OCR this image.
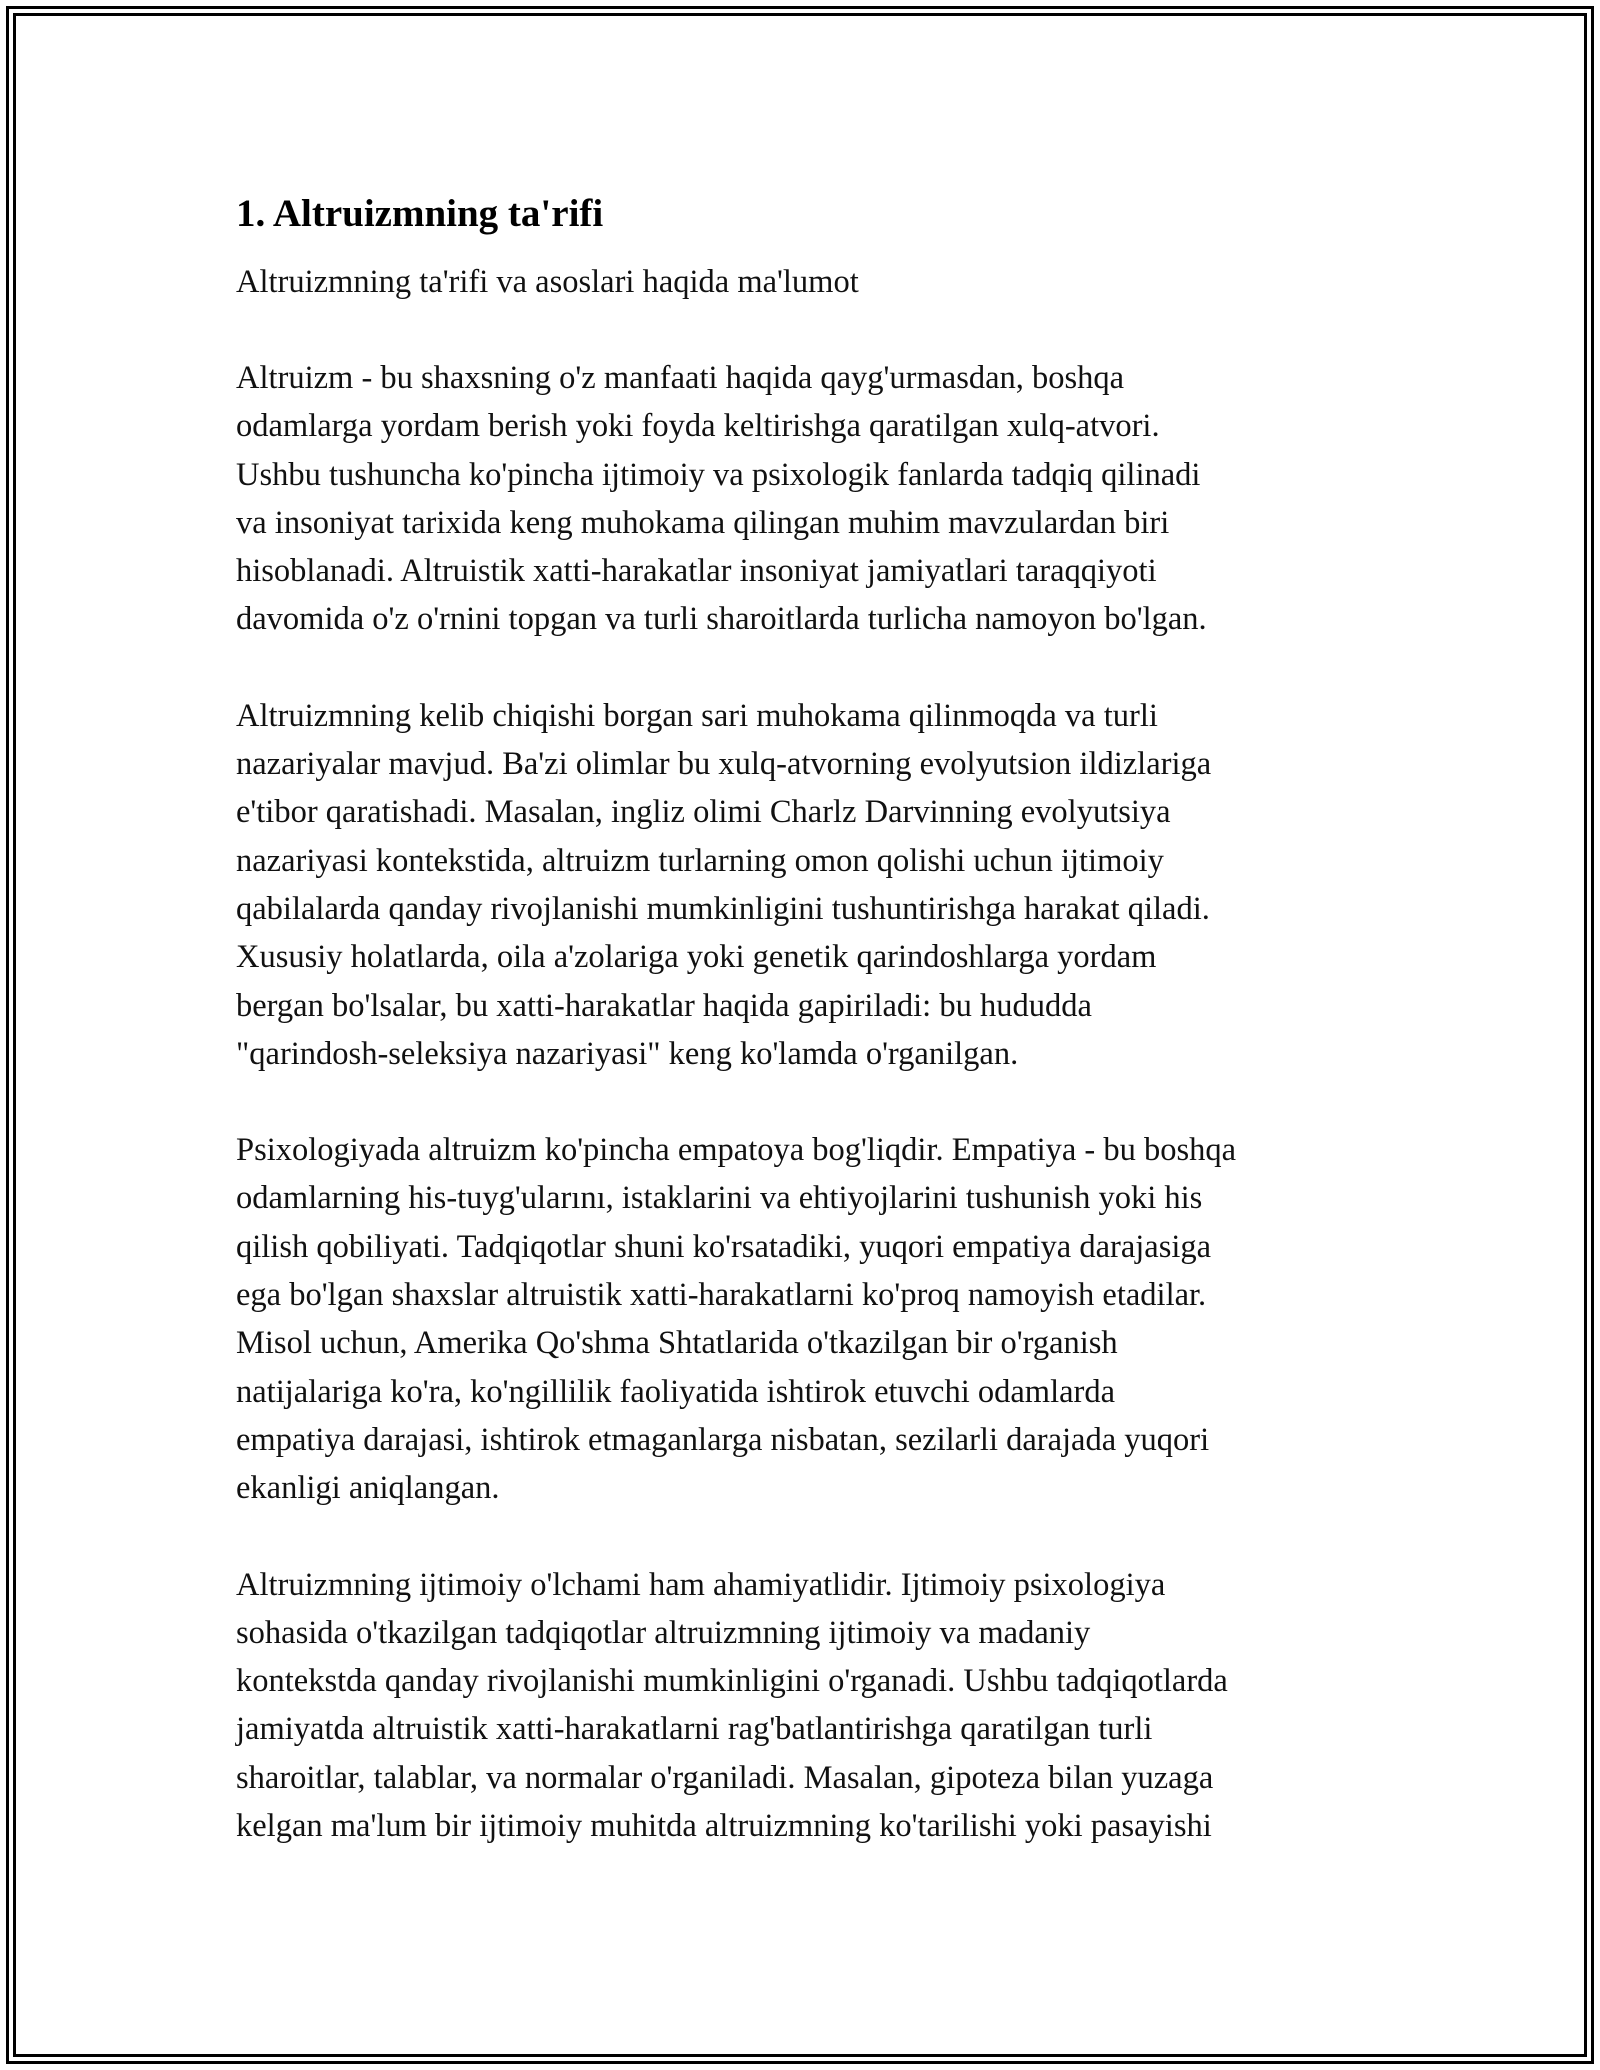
1. Altruizmning ta'rifi

Altruizmning ta'rifi va asoslari haqida ma'lumot

Altruizm - bu shaxsning o'z manfaati haqida qayg'urmasdan, boshqa
odamlarga yordam berish yoki foyda keltirishga qaratilgan xulq-atvori.
Ushbu tushuncha ko'pincha ijtimoiy va psixologik fanlarda tadqiq qilinadi
va insoniyat tarixida keng muhokama qilingan muhim mavzulardan biri
hisoblanadi. Altruistik xatti-harakatlar insoniyat jamiyatlari taraqqiyoti
davomida o'z o'rnini topgan va turli sharoitlarda turlicha namoyon bo'lgan.

Altruizmning kelib chiqishi borgan sari muhokama qilinmoqda va turli
nazariyalar mavjud. Ba'zi olimlar bu xulq-atvorning evolyutsion ildizlariga
e'tibor qaratishadi. Masalan, ingliz olimi Charlz Darvinning evolyutsiya
nazariyasi kontekstida, altruizm turlarning omon qolishi uchun ijtimoiy
qabilalarda qanday rivojlanishi mumkinligini tushuntirishga harakat qiladi.
Xususiy holatlarda, oila a'zolariga yoki genetik qarindoshlarga yordam
bergan bo'lsalar, bu xatti-harakatlar haqida gapiriladi: bu hududda
"qarindosh-seleksiya nazariyasi" keng ko'lamda o'rganilgan.

Psixologiyada altruizm ko'pincha empatoya bog'liqdir. Empatiya - bu boshqa
odamlarning his-tuyg'ularını, istaklarini va ehtiyojlarini tushunish yoki his
qilish qobiliyati. Tadqiqotlar shuni ko'rsatadiki, yuqori empatiya darajasiga
ega bo'lgan shaxslar altruistik xatti-harakatlarni ko'proq namoyish etadilar.
Misol uchun, Amerika Qo'shma Shtatlarida o'tkazilgan bir o'rganish
natijalariga ko'ra, ko'ngillilik faoliyatida ishtirok etuvchi odamlarda
empatiya darajasi, ishtirok etmaganlarga nisbatan, sezilarli darajada yuqori
ekanligi aniqlangan.

Altruizmning ijtimoiy o'lchami ham ahamiyatlidir. Ijtimoiy psixologiya
sohasida o'tkazilgan tadqiqotlar altruizmning ijtimoiy va madaniy
kontekstda qanday rivojlanishi mumkinligini o'rganadi. Ushbu tadqiqotlarda
jamiyatda altruistik xatti-harakatlarni rag'batlantirishga qaratilgan turli
sharoitlar, talablar, va normalar o'rganiladi. Masalan, gipoteza bilan yuzaga
kelgan ma'lum bir ijtimoiy muhitda altruizmning ko'tarilishi yoki pasayishi
